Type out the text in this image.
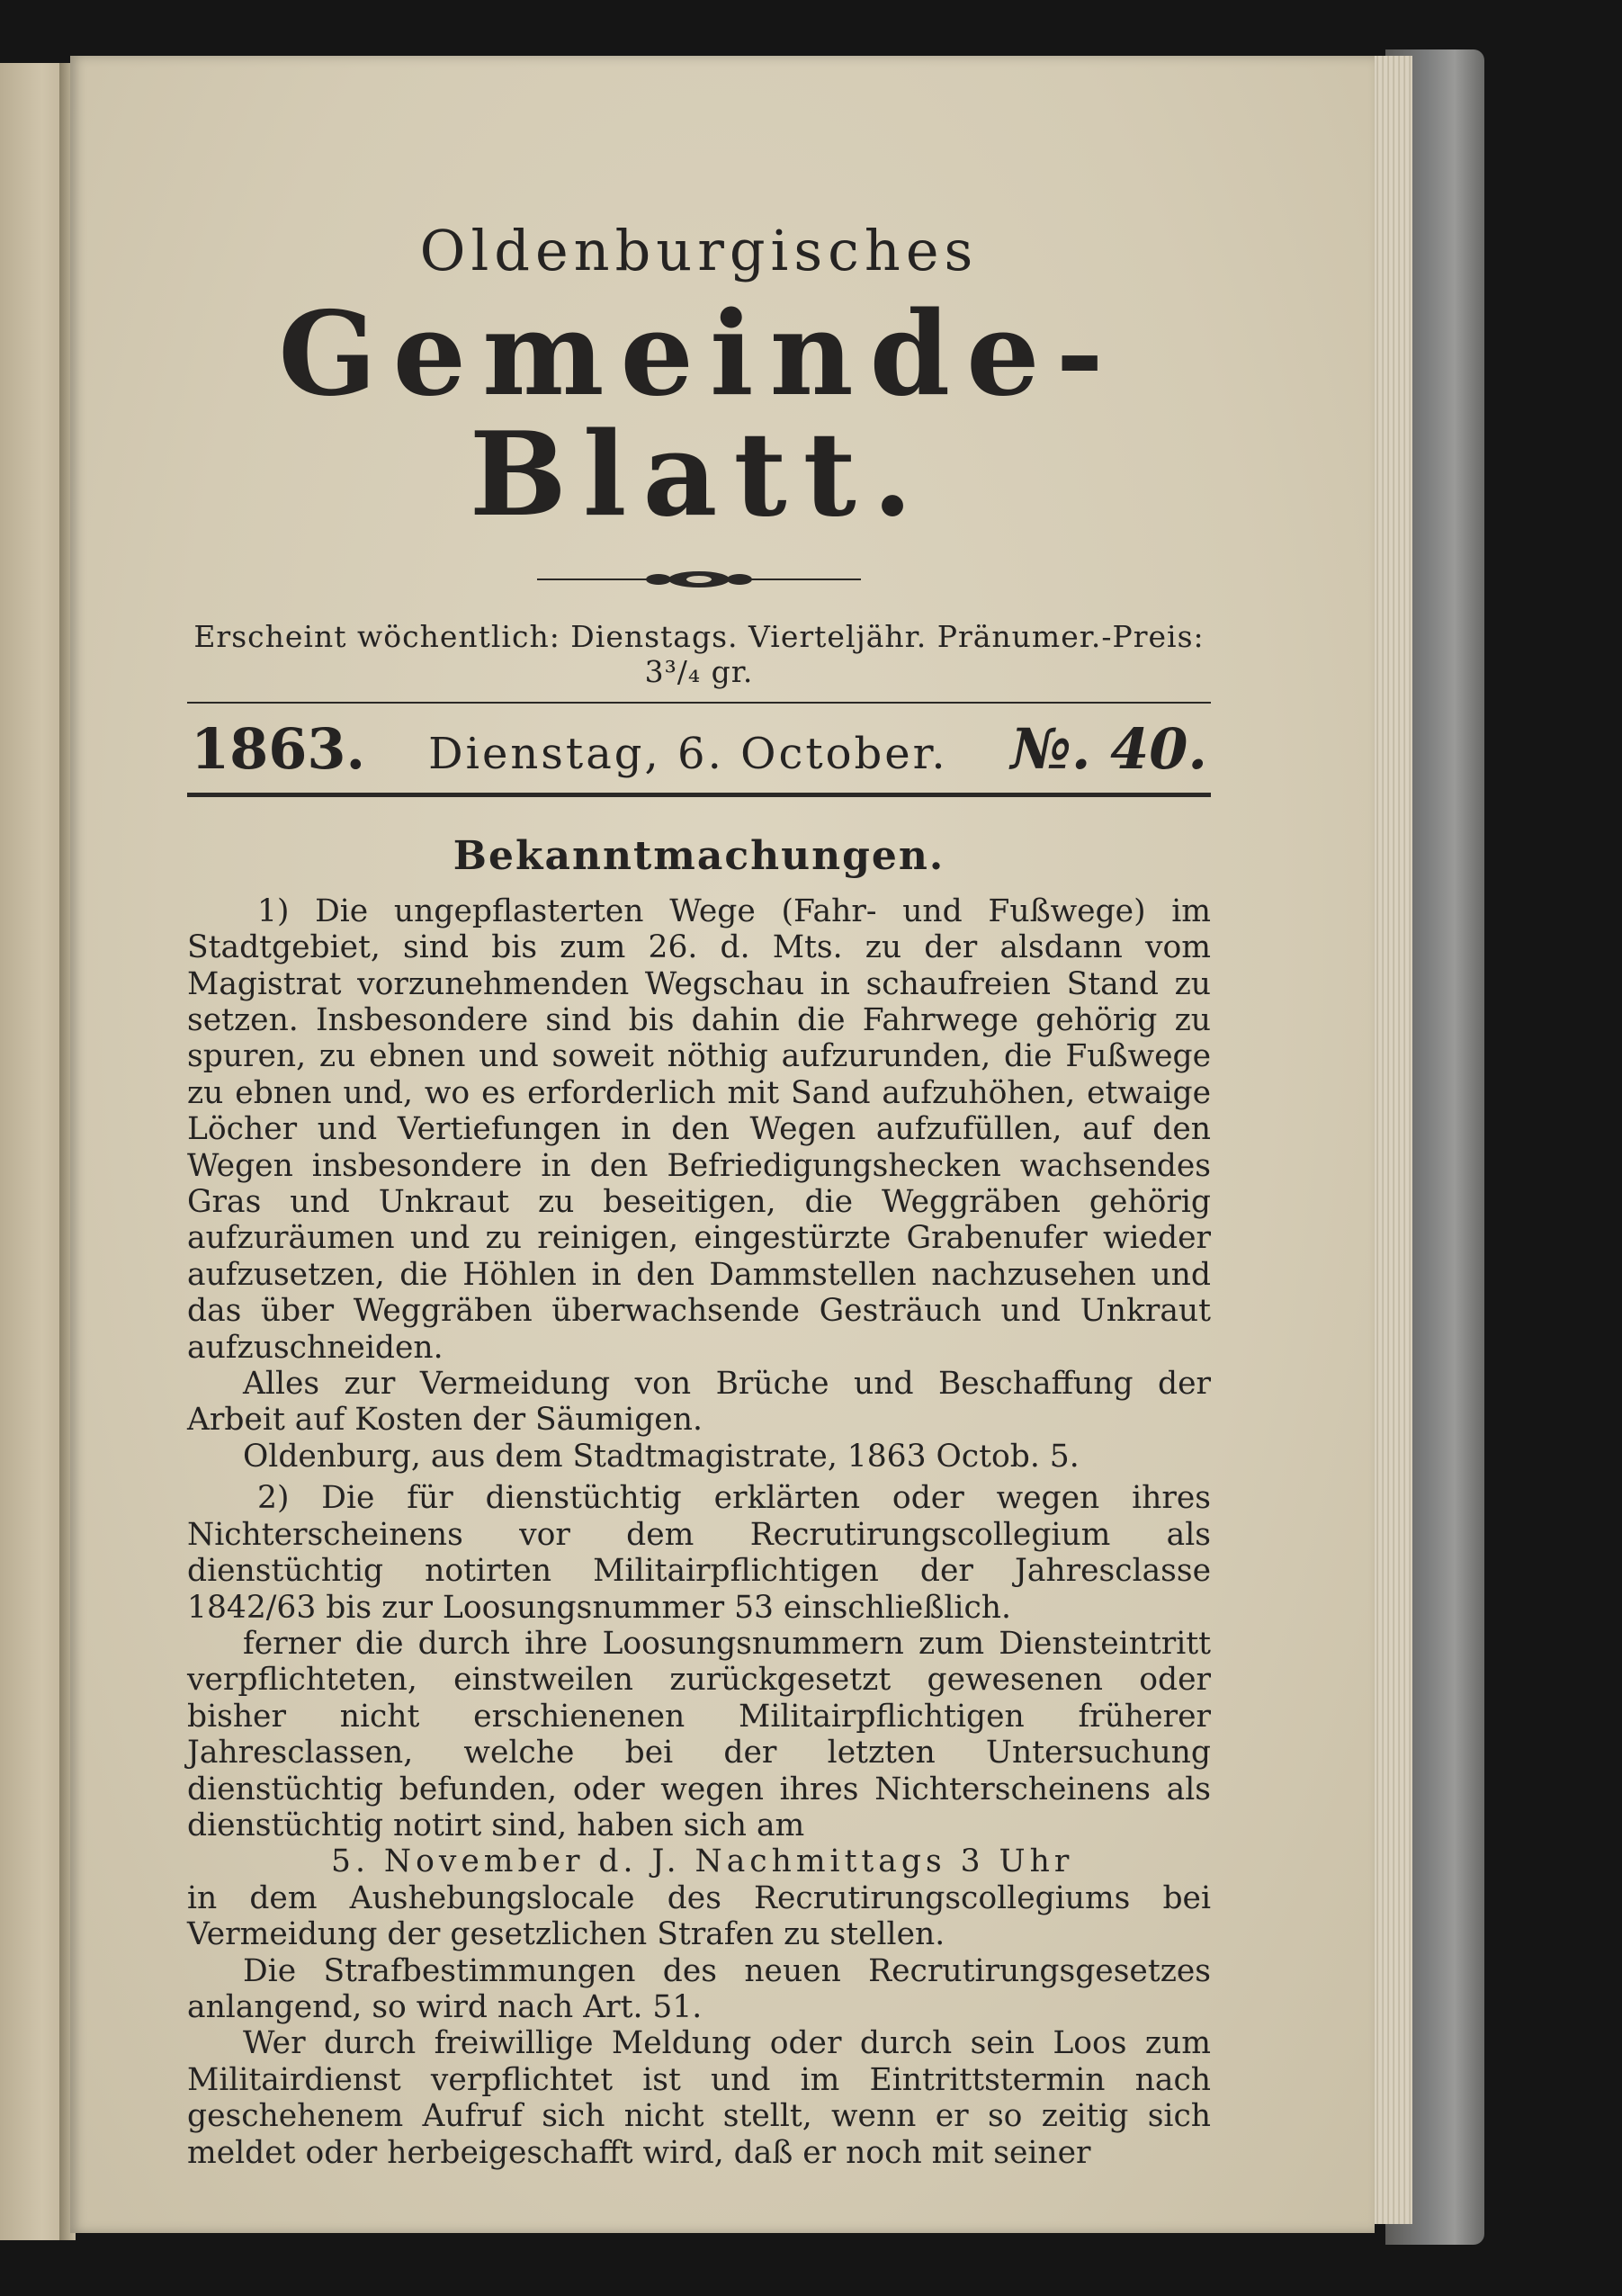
Oldenburgisches
Gemeinde-Blatt.
Erscheint wöchentlich: Dienstags. Vierteljähr. Pränumer.-Preis: 3³/₄ gr.
1863. Dienstag, 6. October. №. 40.
Bekanntmachungen.

1) Die ungepflasterten Wege (Fahr- und Fußwege) im Stadtgebiet, sind bis zum 26. d. Mts. zu der alsdann vom Magistrat vorzunehmenden Wegschau in schaufreien Stand zu setzen. Insbesondere sind bis dahin die Fahrwege gehörig zu spuren, zu ebnen und soweit nöthig aufzurunden, die Fußwege zu ebnen und, wo es erforderlich mit Sand aufzuhöhen, etwaige Löcher und Vertiefungen in den Wegen aufzufüllen, auf den Wegen insbesondere in den Befriedigungshecken wachsendes Gras und Unkraut zu beseitigen, die Weggräben gehörig aufzuräumen und zu reinigen, eingestürzte Grabenufer wieder aufzusetzen, die Höhlen in den Dammstellen nachzusehen und das über Weggräben überwachsende Gesträuch und Unkraut aufzuschneiden.

Alles zur Vermeidung von Brüche und Beschaffung der Arbeit auf Kosten der Säumigen.

Oldenburg, aus dem Stadtmagistrate, 1863 Octob. 5.

2) Die für dienstüchtig erklärten oder wegen ihres Nichterscheinens vor dem Recrutirungscollegium als dienstüchtig notirten Militairpflichtigen der Jahresclasse 1842/63 bis zur Loosungsnummer 53 einschließlich.

ferner die durch ihre Loosungsnummern zum Diensteintritt verpflichteten, einstweilen zurückgesetzt gewesenen oder bisher nicht erschienenen Militairpflichtigen früherer Jahresclassen, welche bei der letzten Untersuchung dienstüchtig befunden, oder wegen ihres Nichterscheinens als dienstüchtig notirt sind, haben sich am

5. November d. J. Nachmittags 3 Uhr

in dem Aushebungslocale des Recrutirungscollegiums bei Vermeidung der gesetzlichen Strafen zu stellen.

Die Strafbestimmungen des neuen Recrutirungsgesetzes anlangend, so wird nach Art. 51.

Wer durch freiwillige Meldung oder durch sein Loos zum Militairdienst verpflichtet ist und im Eintrittstermin nach geschehenem Aufruf sich nicht stellt, wenn er so zeitig sich meldet oder herbeigeschafft wird, daß er noch mit seiner
